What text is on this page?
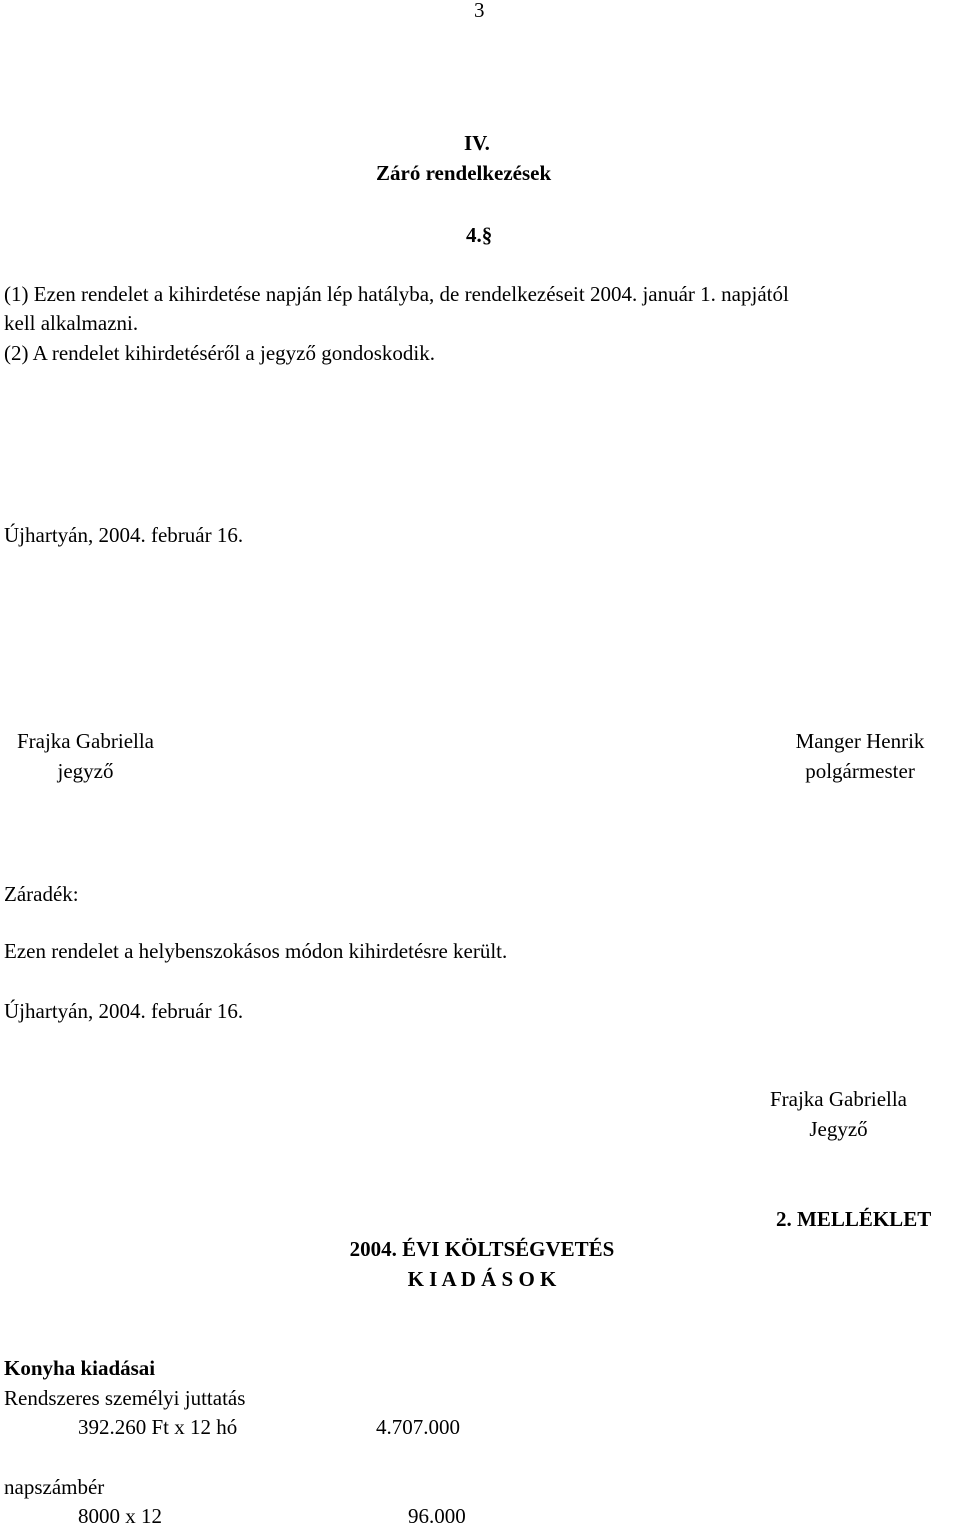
3
IV.
Záró rendelkezések
4.§
(1) Ezen rendelet a kihirdetése napján lép hatályba, de rendelkezéseit 2004. január 1. napjától
kell alkalmazni.
(2) A rendelet kihirdetéséről a jegyző gondoskodik.
Újhartyán, 2004. február 16.
Frajka Gabriella
jegyző
Manger Henrik
polgármester
Záradék:
Ezen rendelet a helybenszokásos módon kihirdetésre került.
Újhartyán, 2004. február 16.
Frajka Gabriella
Jegyző
2. MELLÉKLET
2004. ÉVI KÖLTSÉGVETÉS
K I A D Á S O K
Konyha kiadásai
Rendszeres személyi juttatás
392.260 Ft x 12 hó	4.707.000
napszámbér
8000 x 12	96.000
